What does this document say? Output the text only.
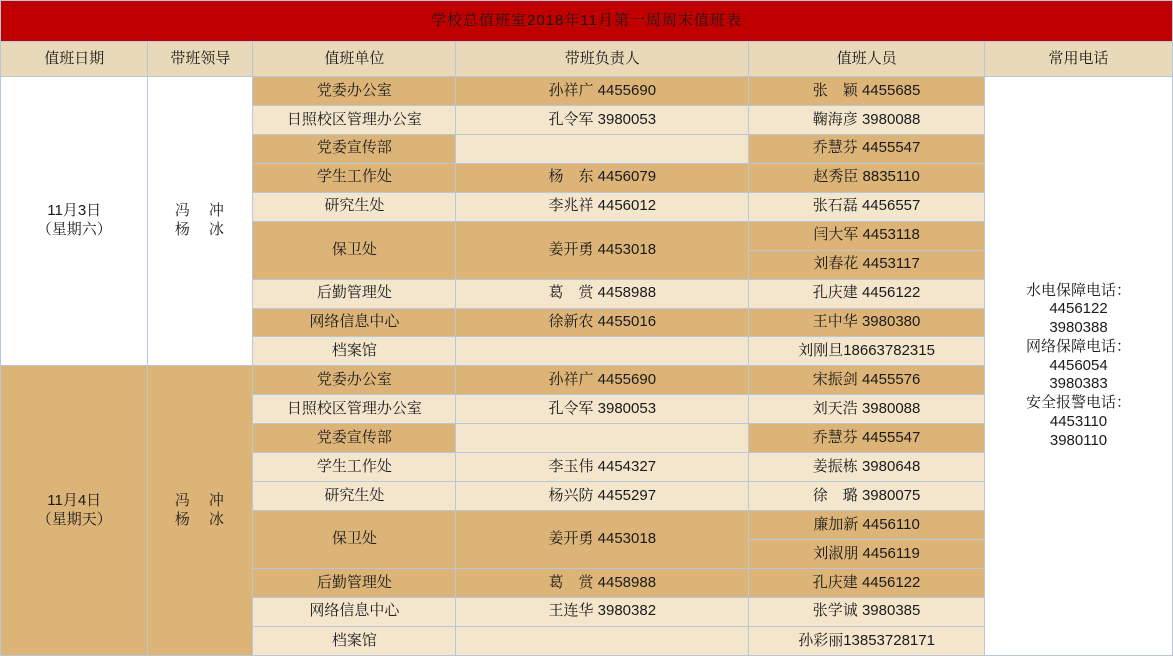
学校总值班室2018年11月第一周周末值班表					
值班日期	带班领导	值班单位	带班负责人	值班人员	常用电话

11月3日
（星期六）

冯　冲
杨　冰
	党委办公室	孙祥广 4455690	张　颖 4455685	
水电保障电话：
4456122
3980388
网络保障电话：
4456054
3980383
安全报警电话：
4453110
3980110

		日照校区管理办公室	孔令军 3980053	鞠海彦 3980088	
		党委宣传部		乔慧芬 4455547	
		学生工作处	杨　东 4456079	赵秀臣 8835110	
		研究生处	李兆祥 4456012	张石磊 4456557	
		保卫处	姜开勇 4453018	闫大军 4453118	
				刘春花 4453117	
		后勤管理处	葛　赏 4458988	孔庆建 4456122	
		网络信息中心	徐新农 4455016	王中华 3980380	
		档案馆		刘刚旦18663782315	

11月4日
（星期天）

冯　冲
杨　冰
	党委办公室	孙祥广 4455690	宋振剑 4455576
		日照校区管理办公室	孔令军 3980053	刘天浩 3980088	
		党委宣传部		乔慧芬 4455547	
		学生工作处	李玉伟 4454327	姜振栋 3980648	
		研究生处	杨兴防 4455297	徐　璐 3980075	
		保卫处	姜开勇 4453018	廉加新 4456110	
				刘淑朋 4456119	
		后勤管理处	葛　赏 4458988	孔庆建 4456122	
		网络信息中心	王连华 3980382	张学诚 3980385	
		档案馆		孙彩丽13853728171	
